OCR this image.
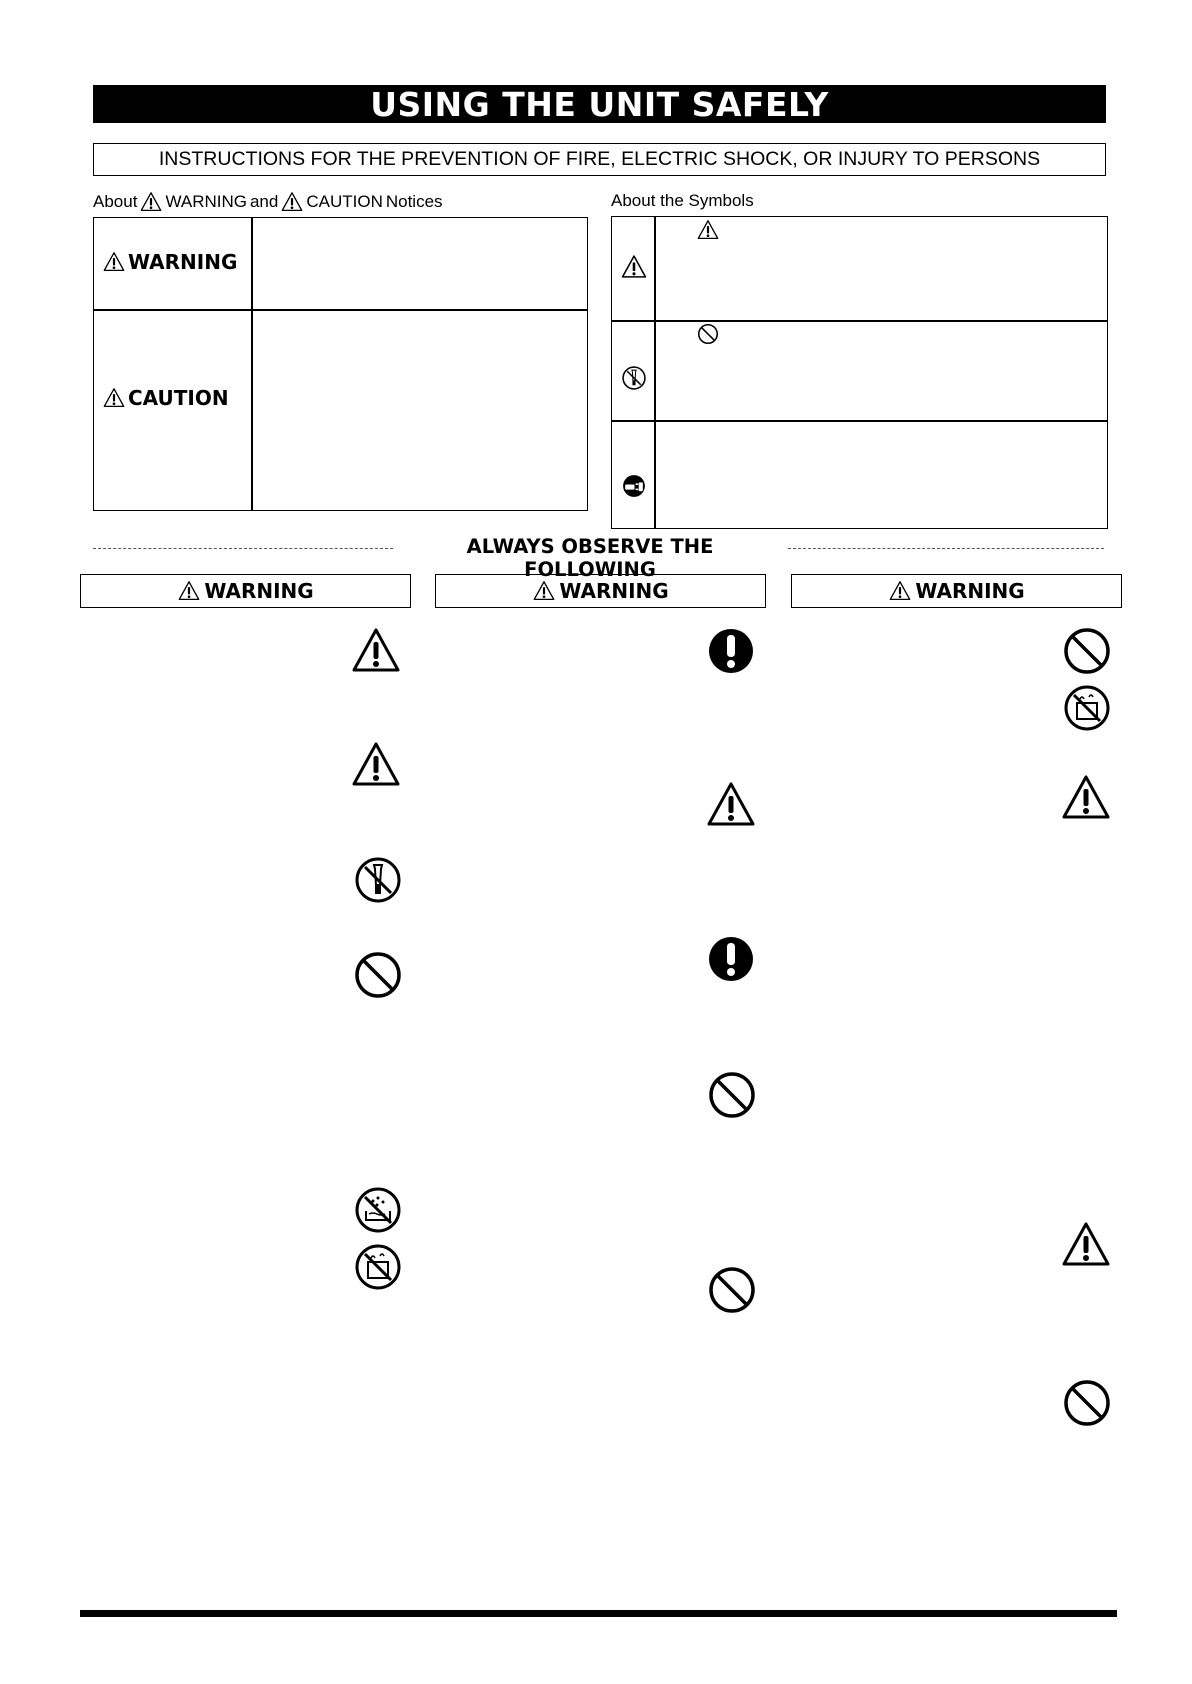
USING THE UNIT SAFELY
INSTRUCTIONS FOR THE PREVENTION OF FIRE, ELECTRIC SHOCK, OR INJURY TO PERSONS
About WARNING and CAUTION Notices	About the Symbols
WARNING
CAUTION
ALWAYS OBSERVE THE FOLLOWING
WARNING	WARNING	WARNING
